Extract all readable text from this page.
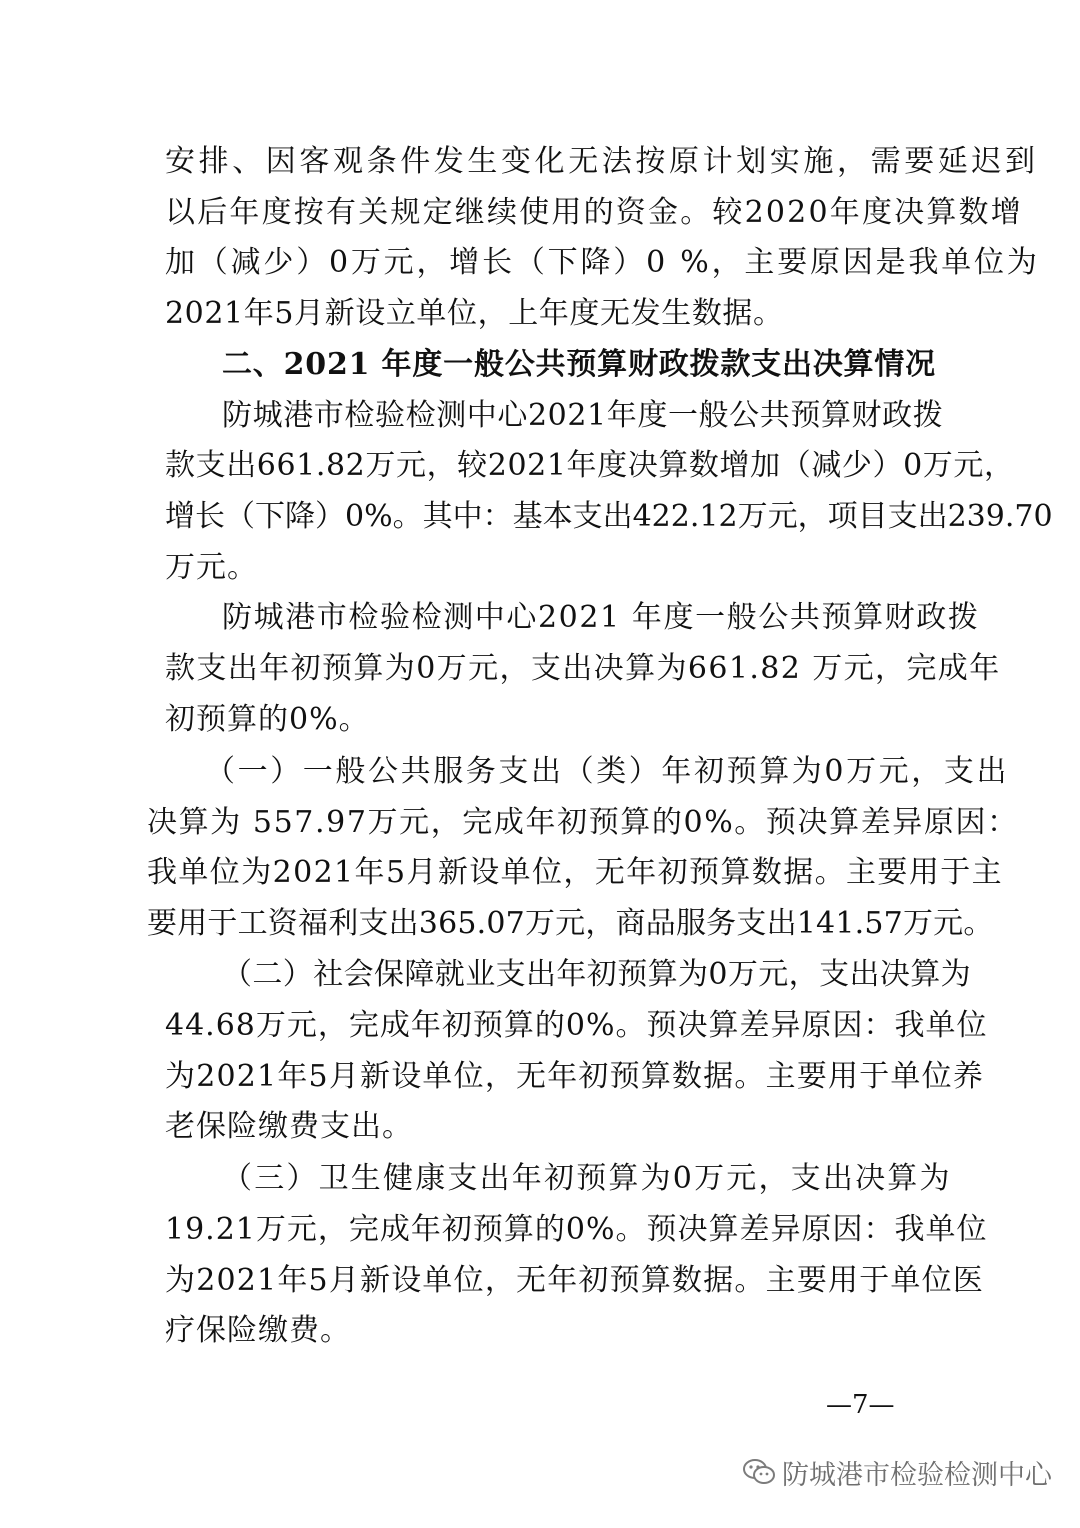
安排、因客观条件发生变化无法按原计划实施，需要延迟到
以后年度按有关规定继续使用的资金。较2020年度决算数增
加（减少）0万元，增长（下降）0 %，主要原因是我单位为
2021年5月新设立单位，上年度无发生数据。
二、2021 年度一般公共预算财政拨款支出决算情况
防城港市检验检测中心2021年度一般公共预算财政拨
款支出661.82万元，较2021年度决算数增加（减少）0万元，
增长（下降）0%。其中：基本支出422.12万元，项目支出239.70
万元。
防城港市检验检测中心2021 年度一般公共预算财政拨
款支出年初预算为0万元，支出决算为661.82 万元，完成年
初预算的0%。
（一）一般公共服务支出（类）年初预算为0万元，支出
决算为 557.97万元，完成年初预算的0%。预决算差异原因：
我单位为2021年5月新设单位，无年初预算数据。主要用于主
要用于工资福利支出365.07万元，商品服务支出141.57万元。
（二）社会保障就业支出年初预算为0万元，支出决算为
44.68万元，完成年初预算的0%。预决算差异原因：我单位
为2021年5月新设单位，无年初预算数据。主要用于单位养
老保险缴费支出。
（三）卫生健康支出年初预算为0万元，支出决算为
19.21万元，完成年初预算的0%。预决算差异原因：我单位
为2021年5月新设单位，无年初预算数据。主要用于单位医
疗保险缴费。
—7—
防城港市检验检测中心
